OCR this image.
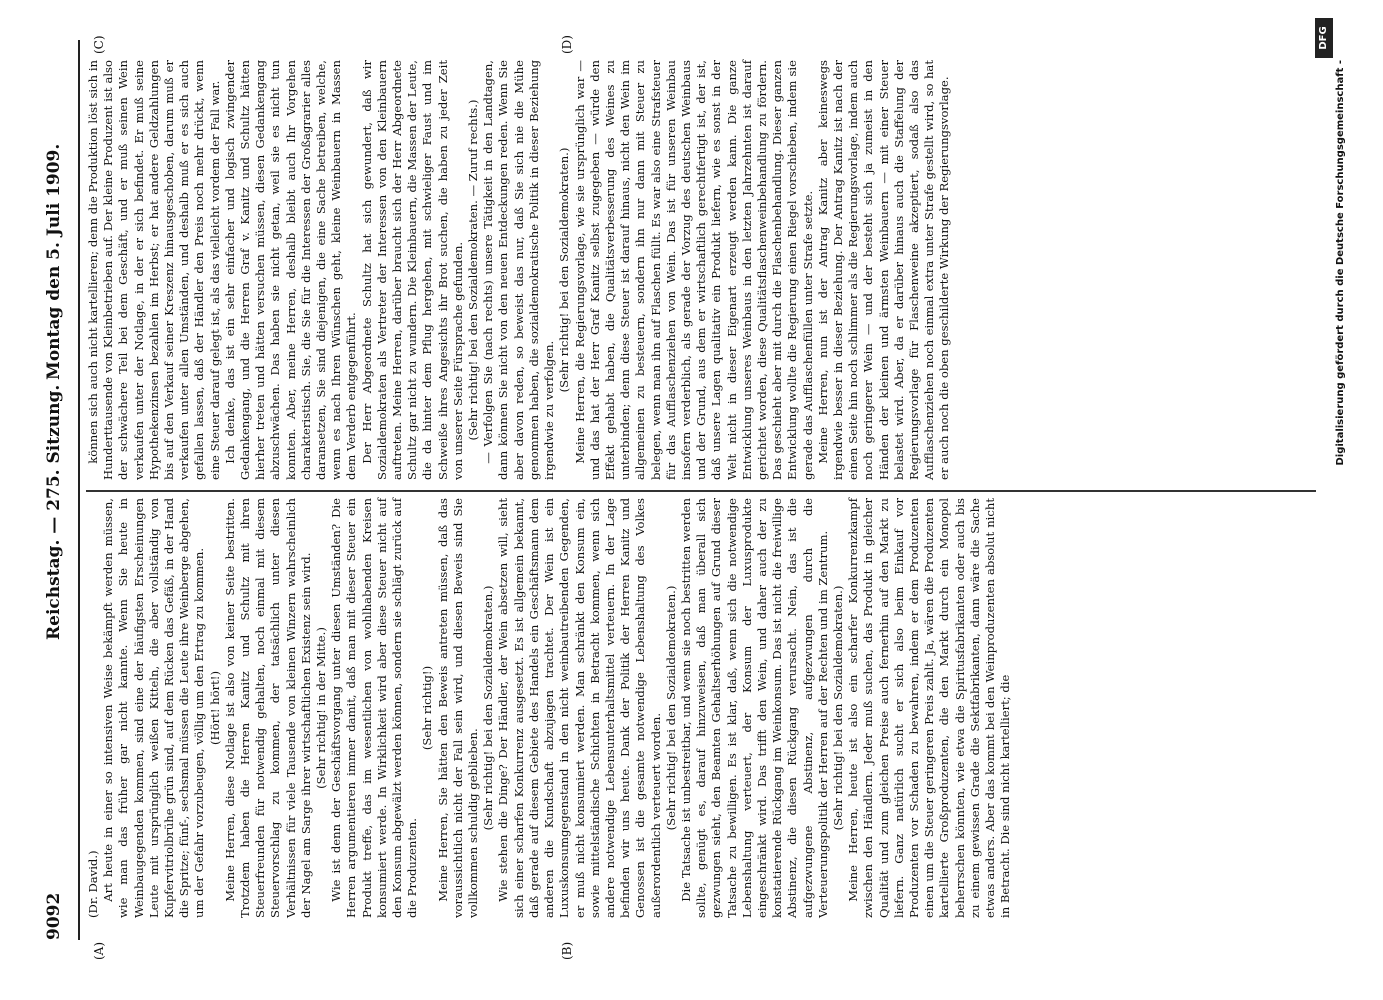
9092
Reichstag. — 275. Sitzung.
Montag den 5. Juli 1909.
(A)	(B)
(C)	(D)

(Dr. David.) Art heute in einer so intensiven Weise bekämpft werden müssen, wie man das früher gar nicht kannte. Wenn Sie heute in Weinbaugegenden kommen, sind eine der häufigsten Erscheinungen Leute mit ursprünglich weißen Kitteln, die aber vollständig von Kupfervitriolbrühe grün sind, auf dem Rücken das Gefäß, in der Hand die Spritze; fünf-, sechsmal müssen die Leute ihre Weinberge abgehen, um der Gefahr vorzubeugen, völlig um den Ertrag zu kommen. (Hört! hört!) Meine Herren, diese Notlage ist also von keiner Seite bestritten. Trotzdem haben die Herren Kanitz und Schultz mit ihren Steuerfreunden für notwendig gehalten, noch einmal mit diesem Steuervorschlag zu kommen, der tatsächlich unter diesen Verhältnissen für viele Tausende von kleinen Winzern wahrscheinlich der Nagel am Sarge ihrer wirtschaftlichen Existenz sein wird. (Sehr richtig! in der Mitte.) Wie ist denn der Geschäftsvorgang unter diesen Umständen? Die Herren argumentieren immer damit, daß man mit dieser Steuer ein Produkt treffe, das im wesentlichen von wohlhabenden Kreisen konsumiert werde. In Wirklichkeit wird aber diese Steuer nicht auf den Konsum abgewälzt werden können, sondern sie schlägt zurück auf die Produzenten.

(Sehr richtig!) Meine Herren, Sie hätten den Beweis antreten müssen, daß das voraussichtlich nicht der Fall sein wird, und diesen Beweis sind Sie vollkommen schuldig geblieben. (Sehr richtig! bei den Sozialdemokraten.) Wie stehen die Dinge? Der Händler, der Wein absetzen will, sieht sich einer scharfen Konkurrenz ausgesetzt. Es ist allgemein bekannt, daß gerade auf diesem Gebiete des Handels ein Geschäftsmann dem anderen die Kundschaft abzujagen trachtet. Der Wein ist ein Luxuskonsumgegenstand in den nicht weinbautreibenden Gegenden, er muß nicht konsumiert werden. Man schränkt den Konsum ein, sowie mittelständische Schichten in Betracht kommen, wenn sich andere notwendige Lebensunterhaltsmittel verteuern. In der Lage befinden wir uns heute. Dank der Politik der Herren Kanitz und Genossen ist die gesamte notwendige Lebenshaltung des Volkes außerordentlich verteuert worden. (Sehr richtig! bei den Sozialdemokraten.) Die Tatsache ist unbestreitbar, und wenn sie noch bestritten werden sollte, genügt es, darauf hinzuweisen, daß man überall sich gezwungen sieht, den Beamten Gehaltserhöhungen auf Grund dieser Tatsache zu bewilligen. Es ist klar, daß, wenn sich die notwendige Lebenshaltung verteuert, der Konsum der Luxusprodukte eingeschränkt wird. Das trifft den Wein, und daher auch der zu konstatierende Rückgang im Weinkonsum. Das ist nicht die freiwillige Abstinenz, die diesen Rückgang verursacht. Nein, das ist die aufgezwungene Abstinenz, aufgezwungen durch die Verteuerungspolitik der Herren auf der Rechten und im Zentrum. (Sehr richtig! bei den Sozialdemokraten.) Meine Herren, heute ist also ein scharfer Konkurrenzkampf zwischen den Händlern. Jeder muß suchen, das Produkt in gleicher Qualität und zum gleichen Preise auch fernerhin auf den Markt zu liefern. Ganz natürlich sucht er sich also beim Einkauf vor Produzenten vor Schaden zu bewahren, indem er dem Produzenten einen um die Steuer geringeren Preis zahlt. Ja, wären die Produzenten kartellierte Großproduzenten, die den Markt durch ein Monopol beherrschen könnten, wie etwa die Spiritusfabrikanten oder auch bis zu einem gewissen Grade die Sektfabrikanten, dann wäre die Sache etwas anders. Aber das kommt bei den Weinproduzenten absolut nicht in Betracht. Die sind nicht kartelliert; die

können sich auch nicht kartellieren; denn die Produktion löst sich in Hunderttausende von Kleinbetrieben auf. Der kleine Produzent ist also der schwächere Teil bei dem Geschäft, und er muß seinen Wein verkaufen unter der Notlage, in der er sich befindet. Er muß seine Hypothekenzinsen bezahlen im Herbst; er hat andere Geldzahlungen bis auf den Verkauf seiner Kreszenz hinausgeschoben, darum muß er verkaufen unter allen Umständen, und deshalb muß er es sich auch gefallen lassen, daß der Händler den Preis noch mehr drückt, wenn eine Steuer darauf gelegt ist, als das vielleicht vordem der Fall war. Ich denke, das ist ein sehr einfacher und logisch zwingender Gedankengang, und die Herren Graf v. Kanitz und Schultz hätten hierher treten und hätten versuchen müssen, diesen Gedankengang abzuschwächen. Das haben sie nicht getan, weil sie es nicht tun konnten. Aber, meine Herren, deshalb bleibt auch Ihr Vorgehen charakteristisch. Sie, die Sie für die Interessen der Großagrarier alles daransetzen, Sie sind diejenigen, die eine Sache betreiben, welche, wenn es nach Ihren Wünschen geht, kleine Weinbauern in Massen dem Verderb entgegenführt. Der Herr Abgeordnete Schultz hat sich gewundert, daß wir Sozialdemokraten als Vertreter der Interessen von den Kleinbauern auftreten. Meine Herren, darüber braucht sich der Herr Abgeordnete Schultz gar nicht zu wundern. Die Kleinbauern, die Massen der Leute, die da hinter dem Pflug hergehen, mit schwieliger Faust und im Schweiße ihres Angesichts ihr Brot suchen, die haben zu jeder Zeit von unserer Seite Fürsprache gefunden. (Sehr richtig! bei den Sozialdemokraten. — Zuruf rechts.) — Verfolgen Sie (nach rechts) unsere Tätigkeit in den Landtagen, dann können Sie nicht von den neuen Entdeckungen reden. Wenn Sie aber davon reden, so beweist das nur, daß Sie sich nie die Mühe genommen haben, die sozialdemokratische Politik in dieser Beziehung irgendwie zu verfolgen.

(Sehr richtig! bei den Sozialdemokraten.) Meine Herren, die Regierungsvorlage, wie sie ursprünglich war — und das hat der Herr Graf Kanitz selbst zugegeben — würde den Effekt gehabt haben, die Qualitätsverbesserung des Weines zu unterbinden; denn diese Steuer ist darauf hinaus, nicht den Wein im allgemeinen zu besteuern, sondern ihn nur dann mit Steuer zu belegen, wenn man ihn auf Flaschen füllt. Es war also eine Strafsteuer für das Aufflaschenziehen von Wein. Das ist für unseren Weinbau insofern verderblich, als gerade der Vorzug des deutschen Weinbaus und der Grund, aus dem er wirtschaftlich gerechtfertigt ist, der ist, daß unsere Lagen qualitativ ein Produkt liefern, wie es sonst in der Welt nicht in dieser Eigenart erzeugt werden kann. Die ganze Entwicklung unseres Weinbaus in den letzten Jahrzehnten ist darauf gerichtet worden, diese Qualitätsflaschenweinbehandlung zu fördern. Das geschieht aber mit durch die Flaschenbehandlung. Dieser ganzen Entwicklung wollte die Regierung einen Riegel vorschieben, indem sie gerade das Aufflaschenfüllen unter Strafe setzte. Meine Herren, nun ist der Antrag Kanitz aber keineswegs irgendwie besser in dieser Beziehung. Der Antrag Kanitz ist nach der einen Seite hin noch schlimmer als die Regierungsvorlage, indem auch noch geringerer Wein — und der besteht sich ja zumeist in den Händen der kleinen und ärmsten Weinbauern — mit einer Steuer belastet wird. Aber, da er darüber hinaus auch die Staffelung der Regierungsvorlage für Flaschenweine akzeptiert, sodaß also das Aufflaschenziehen noch einmal extra unter Strafe gestellt wird, so hat er auch noch die oben geschilderte Wirkung der Regierungsvorlage.	Digitalisierung gefördert durch die Deutsche Forschungsgemeinschaft -
DFG
